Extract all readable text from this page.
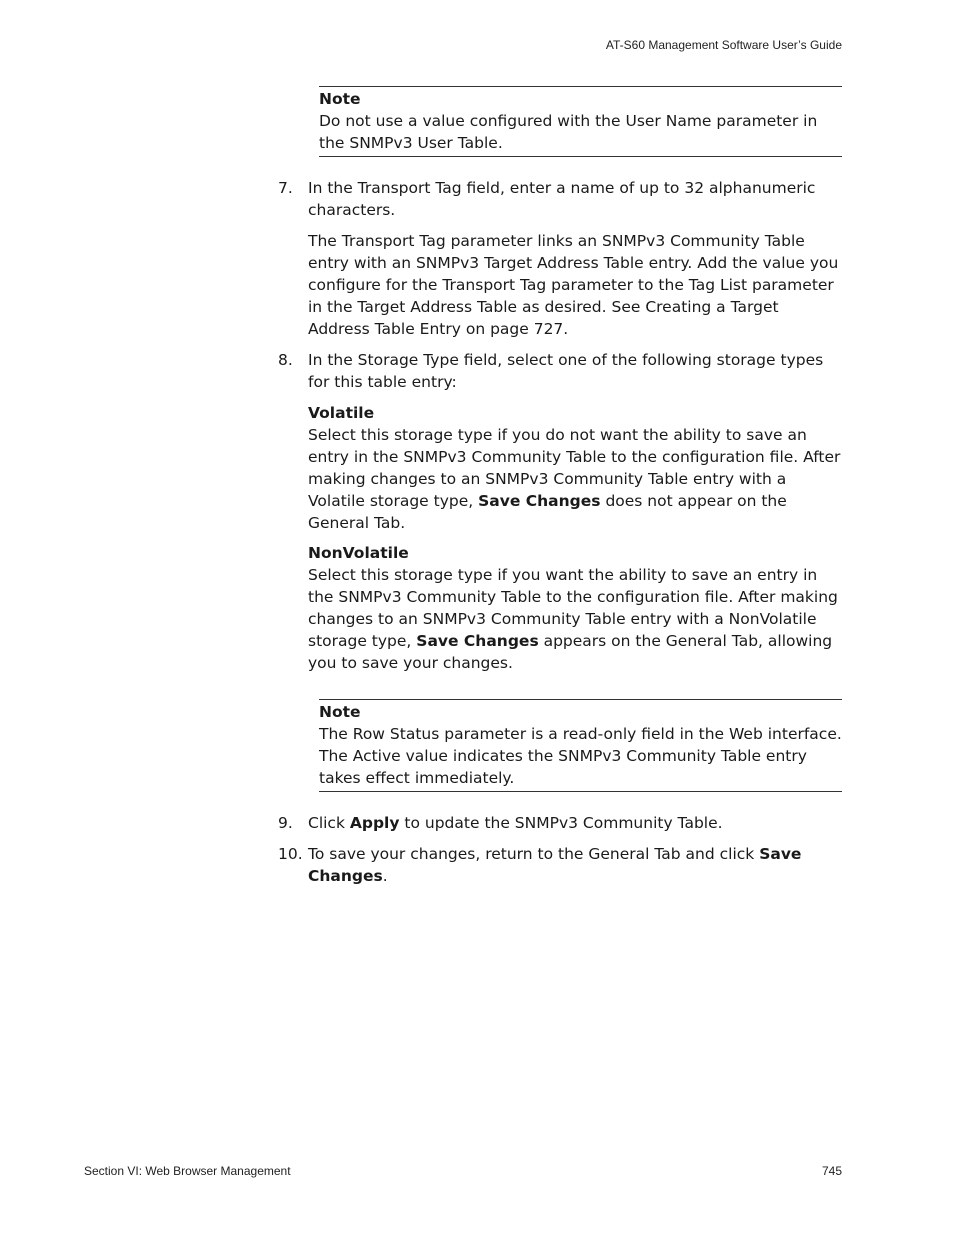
AT-S60 Management Software User’s Guide
Note
Do not use a value configured with the User Name parameter in the SNMPv3 User Table.
7. In the Transport Tag field, enter a name of up to 32 alphanumeric characters.
The Transport Tag parameter links an SNMPv3 Community Table entry with an SNMPv3 Target Address Table entry. Add the value you configure for the Transport Tag parameter to the Tag List parameter in the Target Address Table as desired. See Creating a Target Address Table Entry on page 727.
8. In the Storage Type field, select one of the following storage types for this table entry:
Volatile
Select this storage type if you do not want the ability to save an entry in the SNMPv3 Community Table to the configuration file. After making changes to an SNMPv3 Community Table entry with a Volatile storage type, Save Changes does not appear on the General Tab.
NonVolatile
Select this storage type if you want the ability to save an entry in the SNMPv3 Community Table to the configuration file. After making changes to an SNMPv3 Community Table entry with a NonVolatile storage type, Save Changes appears on the General Tab, allowing you to save your changes.
Note
The Row Status parameter is a read-only field in the Web interface. The Active value indicates the SNMPv3 Community Table entry takes effect immediately.
9. Click Apply to update the SNMPv3 Community Table.
10. To save your changes, return to the General Tab and click Save Changes.
Section VI: Web Browser Management	745
